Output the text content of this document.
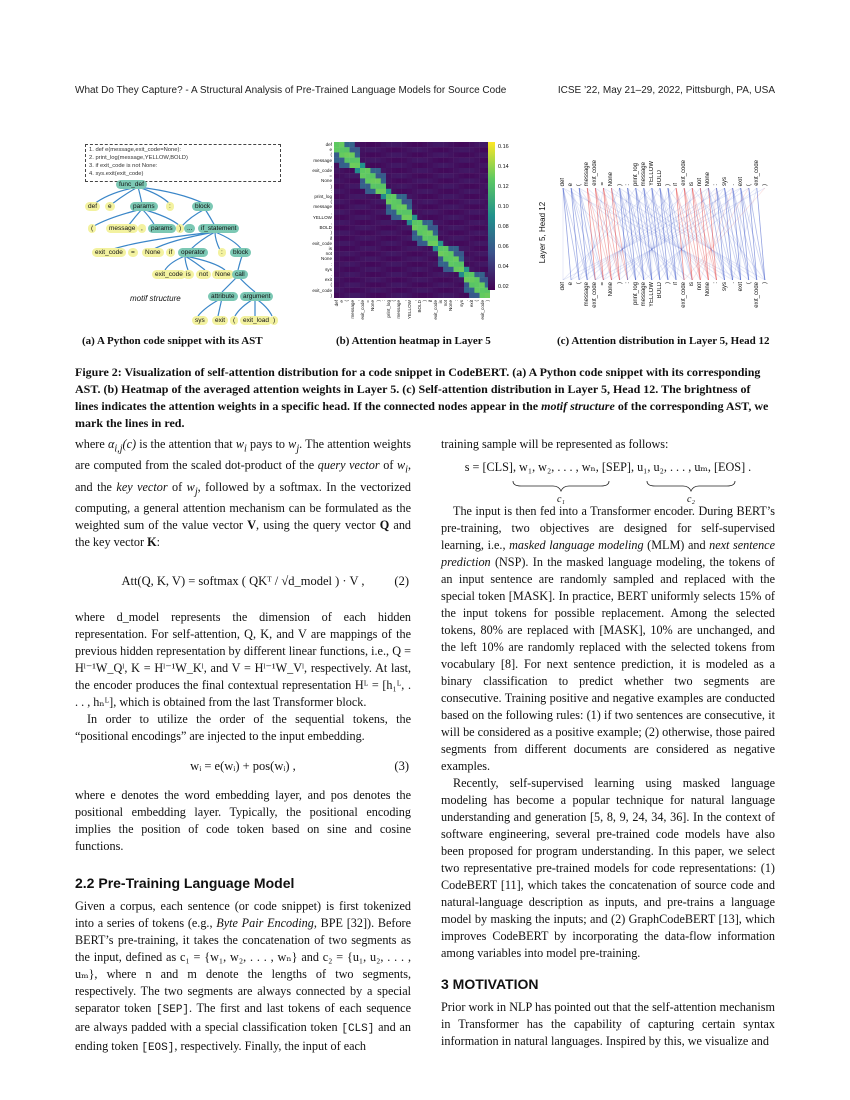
What Do They Capture? - A Structural Analysis of Pre-Trained Language Models for Source Code	ICSE ’22, May 21–29, 2022, Pittsburgh, PA, USA
1. def e(message,exit_code=None):
2. print_log(message,YELLOW,BOLD)
3. if exit_code is not None:
4. sys.exit(exit_code)
func_def
def	e	params	:	block
(	message ,	params ) ...	if_statement
exit_code	=	None	if	operator	:	block
exit_code is	not	None call
attribute	argument
sys	exit	(	exit_load )
motif structure
def
e
(
message
,
exit_code
=
None
)
:
print_log
(
message
,
YELLOW
,
BOLD
)
if
exit_code
is
not
None
:
sys
.
exit
(
exit_code
)
def e ( message , exit_code = None ) : print_log ( message , YELLOW , BOLD ) if exit_code is not None : sys . exit ( exit_code )
0.16
0.14
0.12
0.10
0.08
0.06
0.04
0.02
Layer 5, Head 12
def e ( message exit_code = None ) : print_log message YELLOW BOLD ) if exit_code is not None : sys . exit ( exit_code )
def e ( message exit_code = None ) : print_log message YELLOW BOLD ) if exit_code is not None : sys . exit ( exit_code )
(a) A Python code snippet with its AST	(b) Attention heatmap in Layer 5	(c) Attention distribution in Layer 5, Head 12
Figure 2: Visualization of self-attention distribution for a code snippet in CodeBERT. (a) A Python code snippet with its corresponding AST. (b) Heatmap of the averaged attention weights in Layer 5. (c) Self-attention distribution in Layer 5, Head 12. The brightness of lines indicates the attention weights in a specific head. If the connected nodes appear in the motif structure of the corresponding AST, we mark the lines in red.

where $\alpha_{i,j}(c)$ is the attention that $w_i$ pays to $w_j$. The attention weights are computed from the scaled dot-product of the query vector of $w_i$, and the key vector of $w_j$, followed by a softmax. In the vectorized computing, a general attention mechanism can be formulated as the weighted sum of the value vector V, using the query vector Q and the key vector K:

Att(Q, K, V) = softmax ( QKᵀ / √d_model ) · V , (2)

where d_model represents the dimension of each hidden representation. For self-attention, Q, K, and V are mappings of the previous hidden representation by different linear functions, i.e., Q = Hˡ⁻¹W_Qˡ, K = Hˡ⁻¹W_Kˡ, and V = Hˡ⁻¹W_Vˡ, respectively. At last, the encoder produces the final contextual representation Hᴸ = [h₁ᴸ, . . . , hₙᴸ], which is obtained from the last Transformer block.

In order to utilize the order of the sequential tokens, the “positional encodings” are injected to the input embedding.

wᵢ = e(wᵢ) + pos(wᵢ) ,	(3)

where e denotes the word embedding layer, and pos denotes the positional embedding layer. Typically, the positional encoding implies the position of code token based on sine and cosine functions.

2.2 Pre-Training Language Model

Given a corpus, each sentence (or code snippet) is first tokenized into a series of tokens (e.g., Byte Pair Encoding, BPE [32]). Before BERT’s pre-training, it takes the concatenation of two segments as the input, defined as c₁ = {w₁, w₂, . . . , wₙ} and c₂ = {u₁, u₂, . . . , uₘ}, where n and m denote the lengths of two segments, respectively. The two segments are always connected by a special separator token [SEP]. The first and last tokens of each sequence are always padded with a special classification token [CLS] and an ending token [EOS], respectively. Finally, the input of each

training sample will be represented as follows:

s = [CLS], w₁, w₂, . . . , wₙ, [SEP], u₁, u₂, . . . , uₘ, [EOS] .
c₁	c₂

The input is then fed into a Transformer encoder. During BERT’s pre-training, two objectives are designed for self-supervised learning, i.e., masked language modeling (MLM) and next sentence prediction (NSP). In the masked language modeling, the tokens of an input sentence are randomly sampled and replaced with the special token [MASK]. In practice, BERT uniformly selects 15% of the input tokens for possible replacement. Among the selected tokens, 80% are replaced with [MASK], 10% are unchanged, and the left 10% are randomly replaced with the selected tokens from vocabulary [8]. For next sentence prediction, it is modeled as a binary classification to predict whether two segments are consecutive. Training positive and negative examples are conducted based on the following rules: (1) if two sentences are consecutive, it will be considered as a positive example; (2) otherwise, those paired segments from different documents are considered as negative examples.

Recently, self-supervised learning using masked language modeling has become a popular technique for natural language understanding and generation [5, 8, 9, 24, 34, 36]. In the context of software engineering, several pre-trained code models have also been proposed for program understanding. In this paper, we select two representative pre-trained models for code representations: (1) CodeBERT [11], which takes the concatenation of source code and natural-language description as inputs, and pre-trains a language model by masking the inputs; and (2) GraphCodeBERT [13], which improves CodeBERT by incorporating the data-flow information among variables into model pre-training.

3 MOTIVATION

Prior work in NLP has pointed out that the self-attention mechanism in Transformer has the capability of capturing certain syntax information in natural languages. Inspired by this, we visualize and
